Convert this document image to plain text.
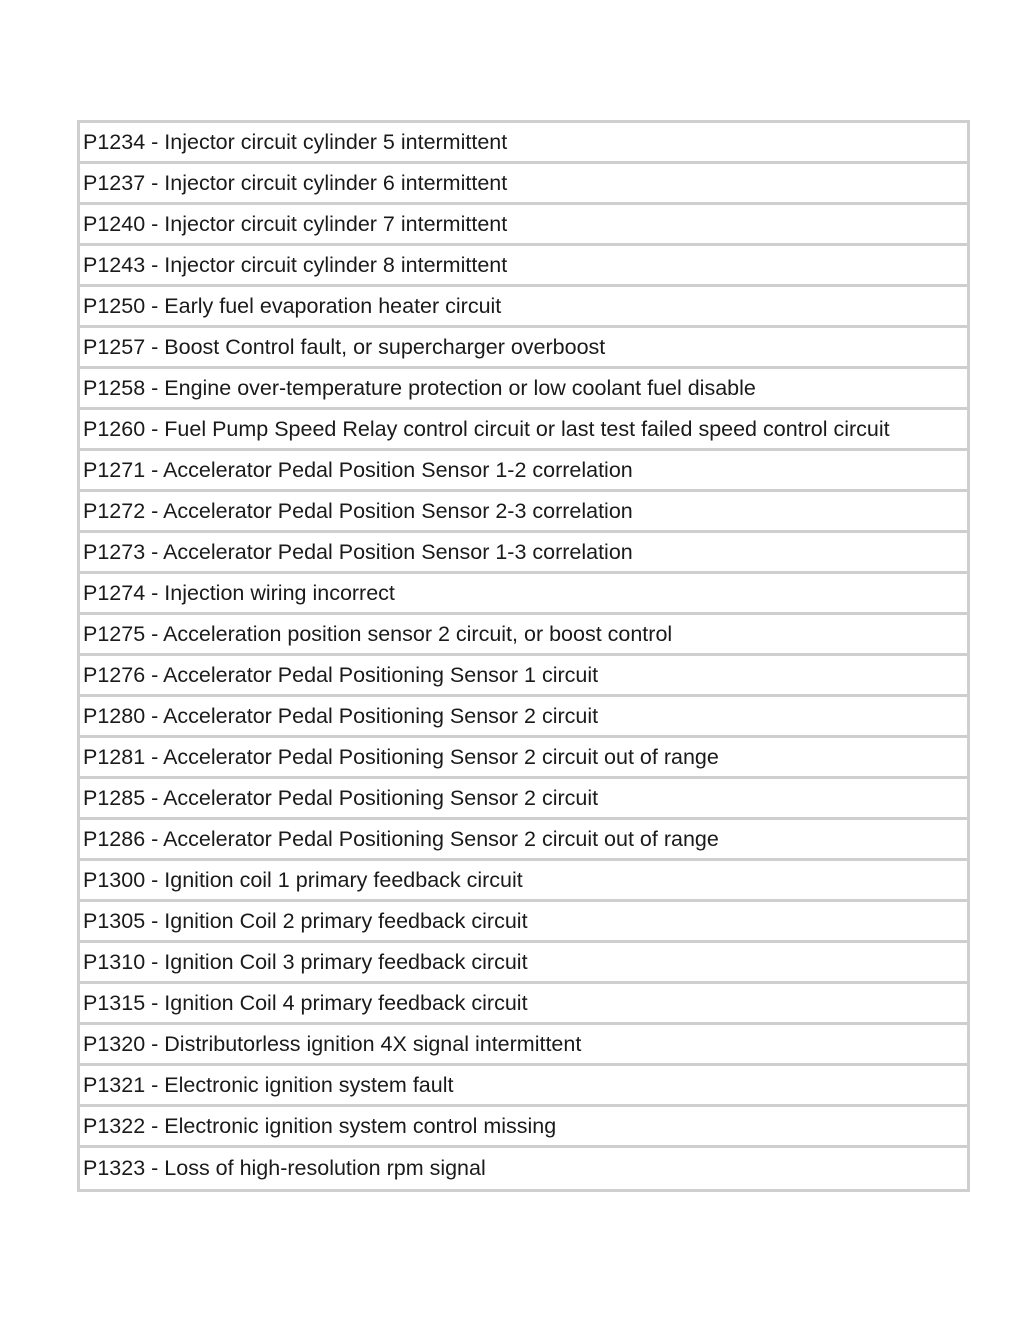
P1234 - Injector circuit cylinder 5 intermittent
P1237 - Injector circuit cylinder 6 intermittent
P1240 - Injector circuit cylinder 7 intermittent
P1243 - Injector circuit cylinder 8 intermittent
P1250 - Early fuel evaporation heater circuit
P1257 - Boost Control fault, or supercharger overboost
P1258 - Engine over-temperature protection or low coolant fuel disable
P1260 - Fuel Pump Speed Relay control circuit or last test failed speed control circuit
P1271 - Accelerator Pedal Position Sensor 1-2 correlation
P1272 - Accelerator Pedal Position Sensor 2-3 correlation
P1273 - Accelerator Pedal Position Sensor 1-3 correlation
P1274 - Injection wiring incorrect
P1275 - Acceleration position sensor 2 circuit, or boost control
P1276 - Accelerator Pedal Positioning Sensor 1 circuit
P1280 - Accelerator Pedal Positioning Sensor 2 circuit
P1281 - Accelerator Pedal Positioning Sensor 2 circuit out of range
P1285 - Accelerator Pedal Positioning Sensor 2 circuit
P1286 - Accelerator Pedal Positioning Sensor 2 circuit out of range
P1300 - Ignition coil 1 primary feedback circuit
P1305 - Ignition Coil 2 primary feedback circuit
P1310 - Ignition Coil 3 primary feedback circuit
P1315 - Ignition Coil 4 primary feedback circuit
P1320 - Distributorless ignition 4X signal intermittent
P1321 - Electronic ignition system fault
P1322 - Electronic ignition system control missing
P1323 - Loss of high-resolution rpm signal
